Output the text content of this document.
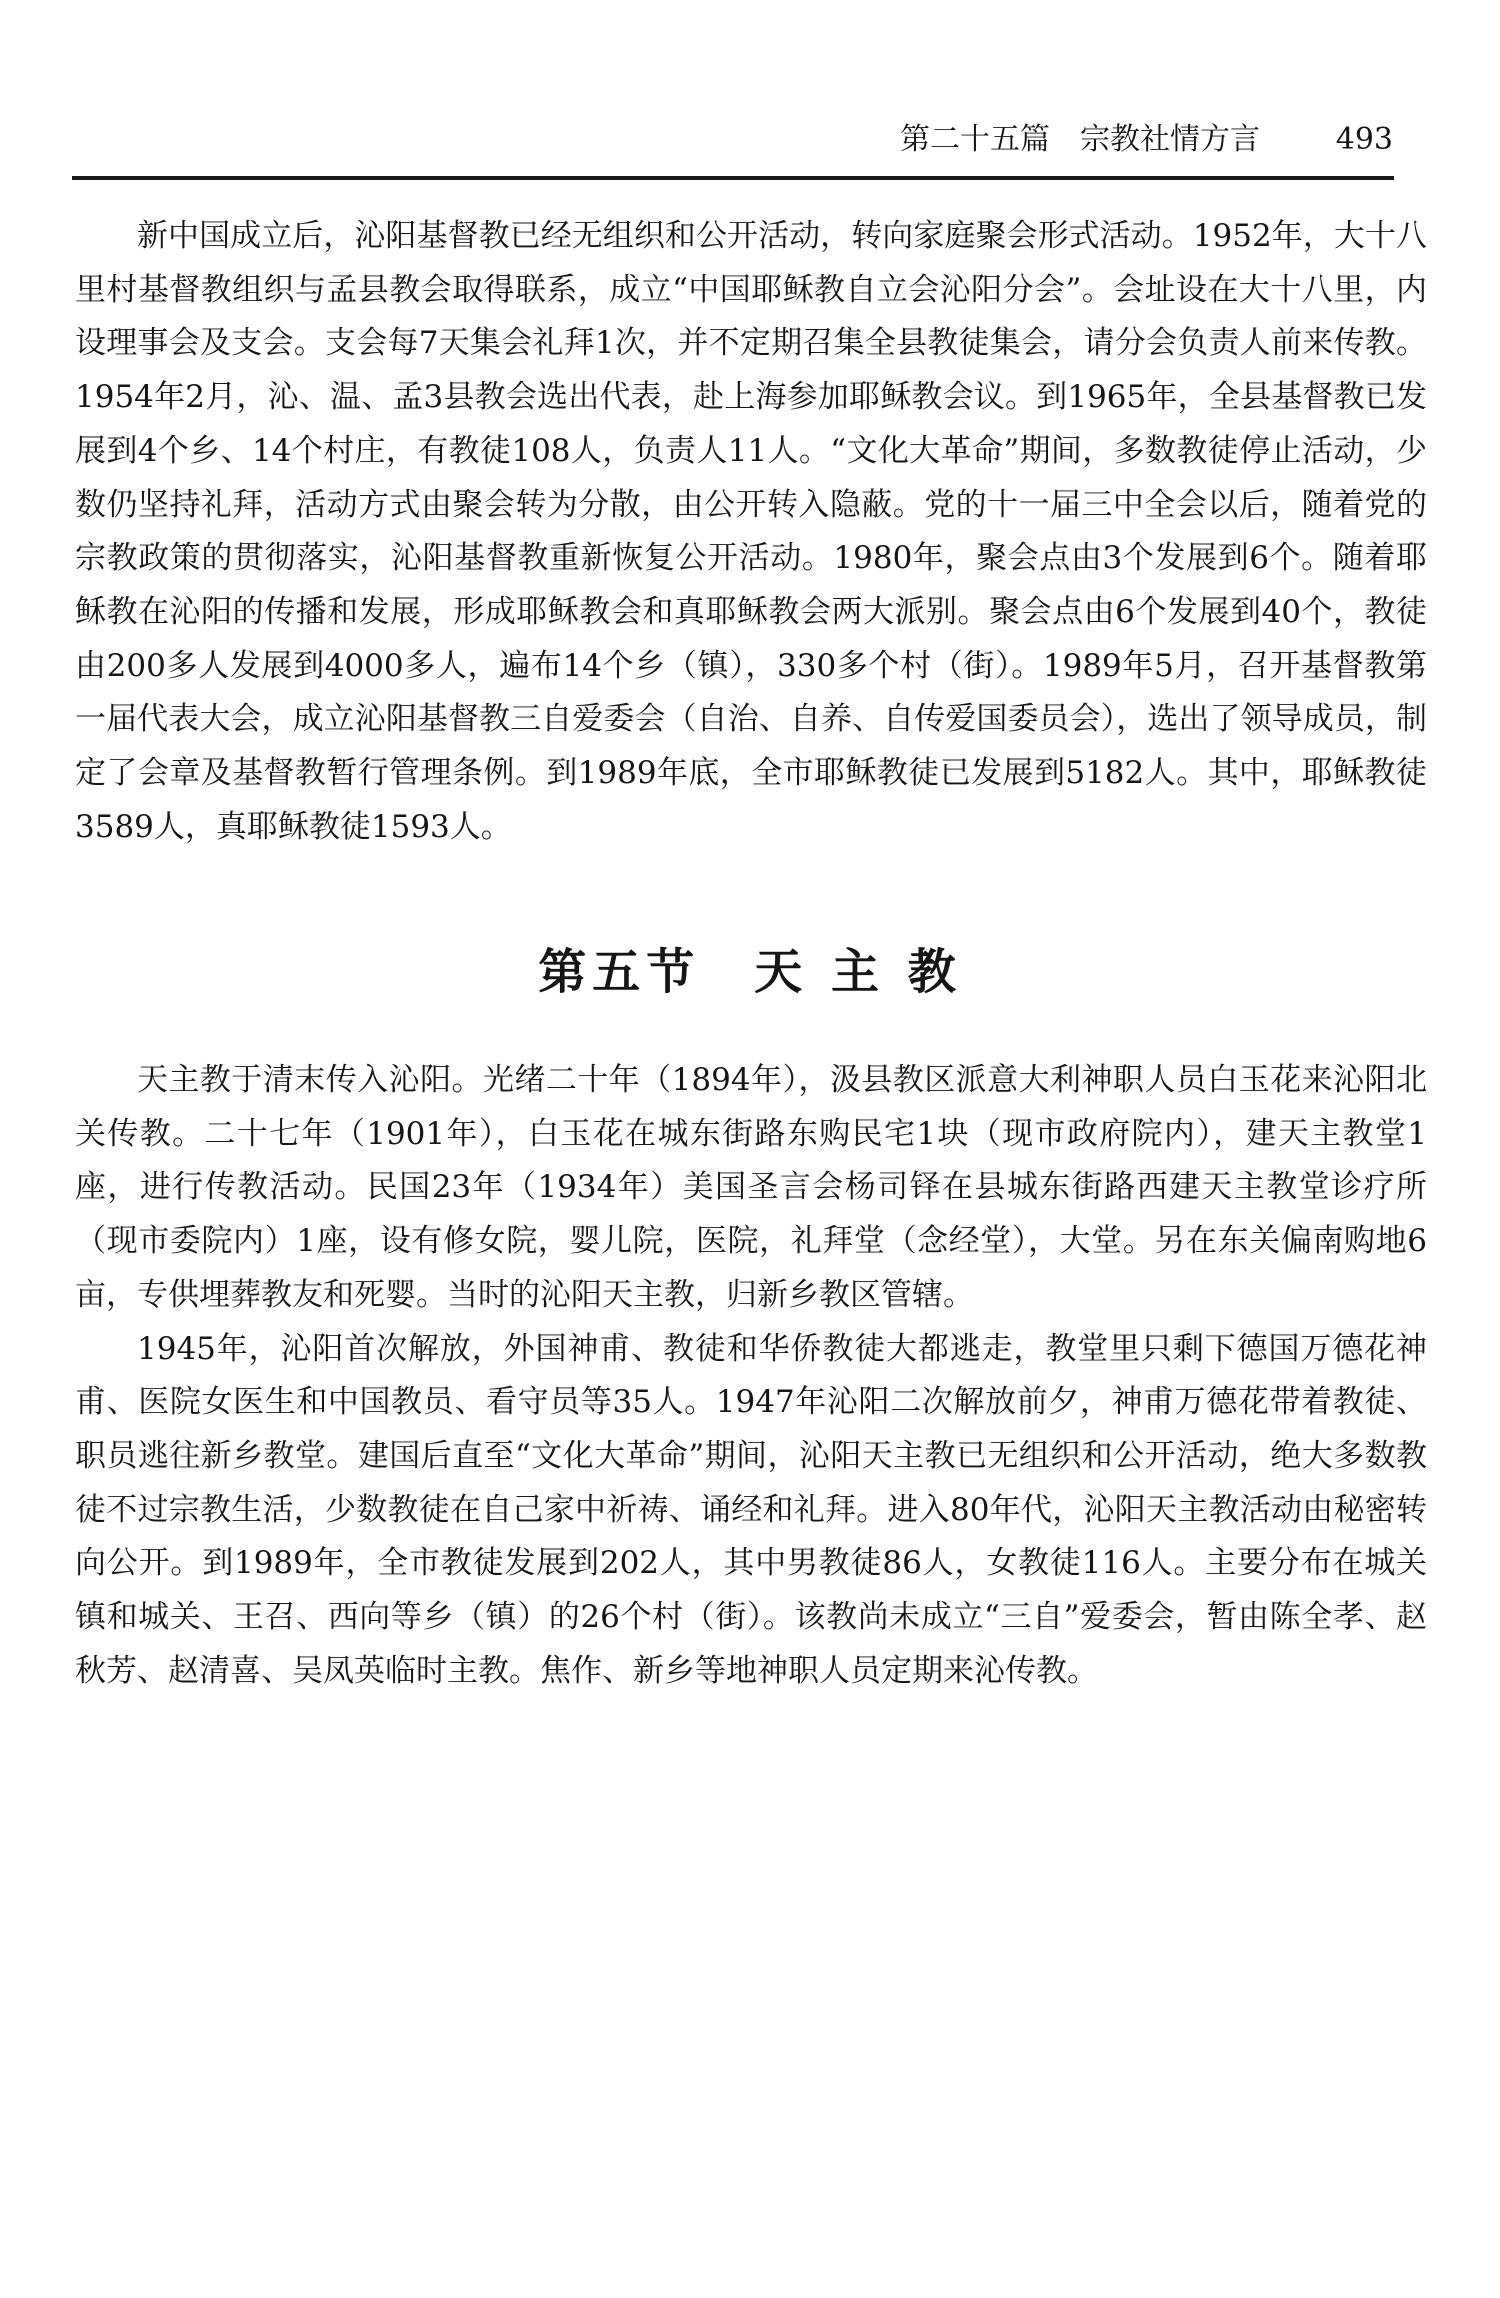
第二十五篇　宗教社情方言	493

新中国成立后，沁阳基督教已经无组织和公开活动，转向家庭聚会形式活动。1952年，大十八里村基督教组织与孟县教会取得联系，成立“中国耶稣教自立会沁阳分会”。会址设在大十八里，内设理事会及支会。支会每7天集会礼拜1次，并不定期召集全县教徒集会，请分会负责人前来传教。1954年2月，沁、温、孟3县教会选出代表，赴上海参加耶稣教会议。到1965年，全县基督教已发展到4个乡、14个村庄，有教徒108人，负责人11人。“文化大革命”期间，多数教徒停止活动，少数仍坚持礼拜，活动方式由聚会转为分散，由公开转入隐蔽。党的十一届三中全会以后，随着党的宗教政策的贯彻落实，沁阳基督教重新恢复公开活动。1980年，聚会点由3个发展到6个。随着耶稣教在沁阳的传播和发展，形成耶稣教会和真耶稣教会两大派别。聚会点由6个发展到40个，教徒由200多人发展到4000多人，遍布14个乡（镇），330多个村（街）。1989年5月，召开基督教第一届代表大会，成立沁阳基督教三自爱委会（自治、自养、自传爱国委员会），选出了领导成员，制定了会章及基督教暂行管理条例。到1989年底，全市耶稣教徒已发展到5182人。其中，耶稣教徒3589人，真耶稣教徒1593人。

第五节　天 主 教

天主教于清末传入沁阳。光绪二十年（1894年），汲县教区派意大利神职人员白玉花来沁阳北关传教。二十七年（1901年），白玉花在城东街路东购民宅1块（现市政府院内），建天主教堂1座，进行传教活动。民国23年（1934年）美国圣言会杨司铎在县城东街路西建天主教堂诊疗所（现市委院内）1座，设有修女院，婴儿院，医院，礼拜堂（念经堂），大堂。另在东关偏南购地6亩，专供埋葬教友和死婴。当时的沁阳天主教，归新乡教区管辖。

1945年，沁阳首次解放，外国神甫、教徒和华侨教徒大都逃走，教堂里只剩下德国万德花神甫、医院女医生和中国教员、看守员等35人。1947年沁阳二次解放前夕，神甫万德花带着教徒、职员逃往新乡教堂。建国后直至“文化大革命”期间，沁阳天主教已无组织和公开活动，绝大多数教徒不过宗教生活，少数教徒在自己家中祈祷、诵经和礼拜。进入80年代，沁阳天主教活动由秘密转向公开。到1989年，全市教徒发展到202人，其中男教徒86人，女教徒116人。主要分布在城关镇和城关、王召、西向等乡（镇）的26个村（街）。该教尚未成立“三自”爱委会，暂由陈全孝、赵秋芳、赵清喜、吴凤英临时主教。焦作、新乡等地神职人员定期来沁传教。
